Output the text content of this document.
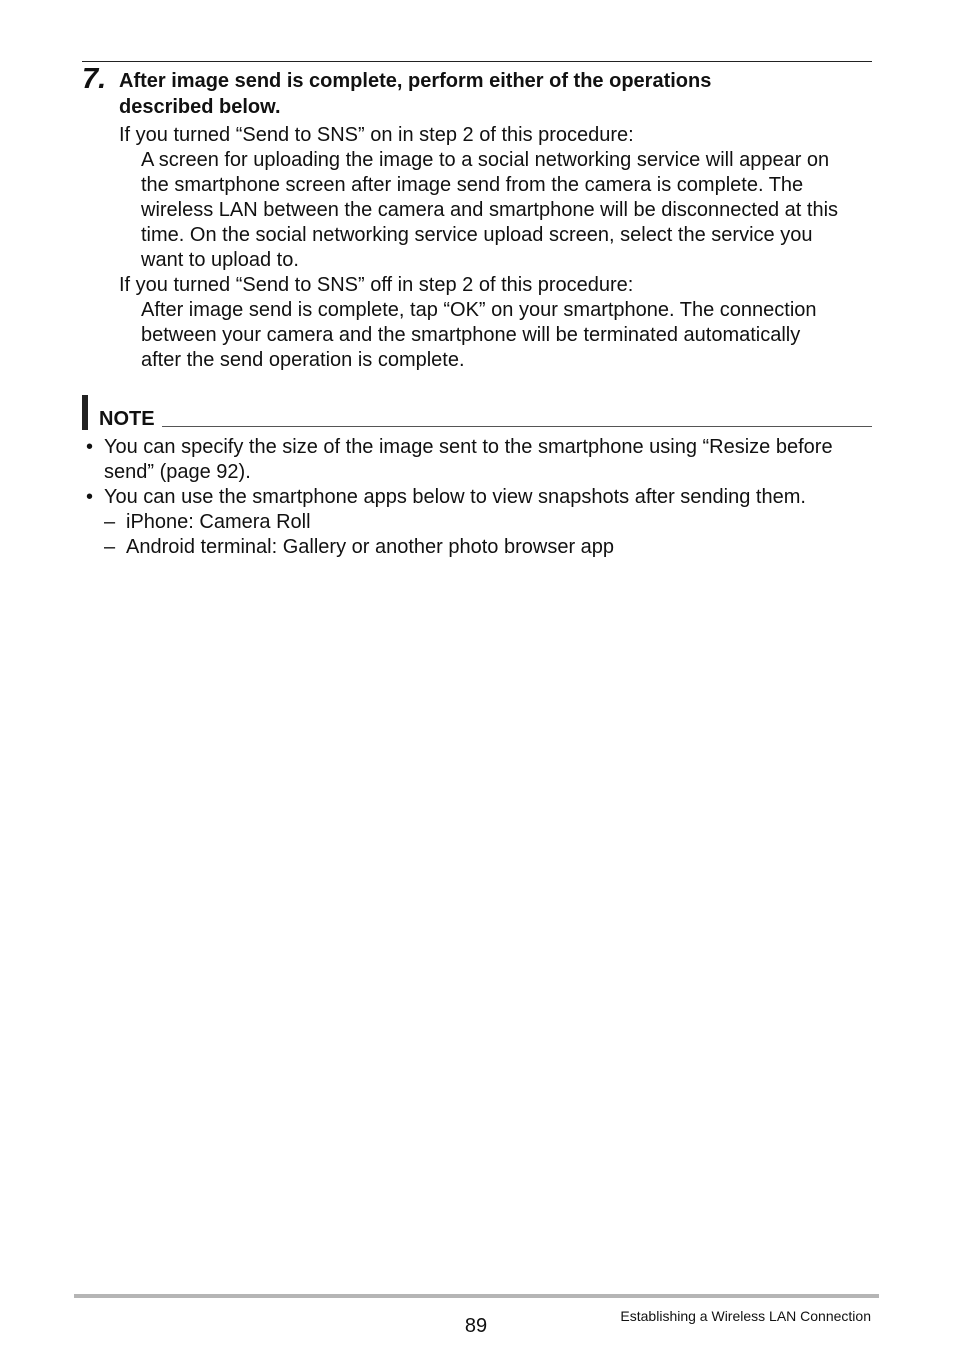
7. After image send is complete, perform either of the operations
described below.
If you turned “Send to SNS” on in step 2 of this procedure:
A screen for uploading the image to a social networking service will appear on
the smartphone screen after image send from the camera is complete. The
wireless LAN between the camera and smartphone will be disconnected at this
time. On the social networking service upload screen, select the service you
want to upload to.
If you turned “Send to SNS” off in step 2 of this procedure:
After image send is complete, tap “OK” on your smartphone. The connection
between your camera and the smartphone will be terminated automatically
after the send operation is complete.
NOTE
• You can specify the size of the image sent to the smartphone using “Resize before
send” (page 92).
• You can use the smartphone apps below to view snapshots after sending them.
– iPhone: Camera Roll
– Android terminal: Gallery or another photo browser app
89	Establishing a Wireless LAN Connection
